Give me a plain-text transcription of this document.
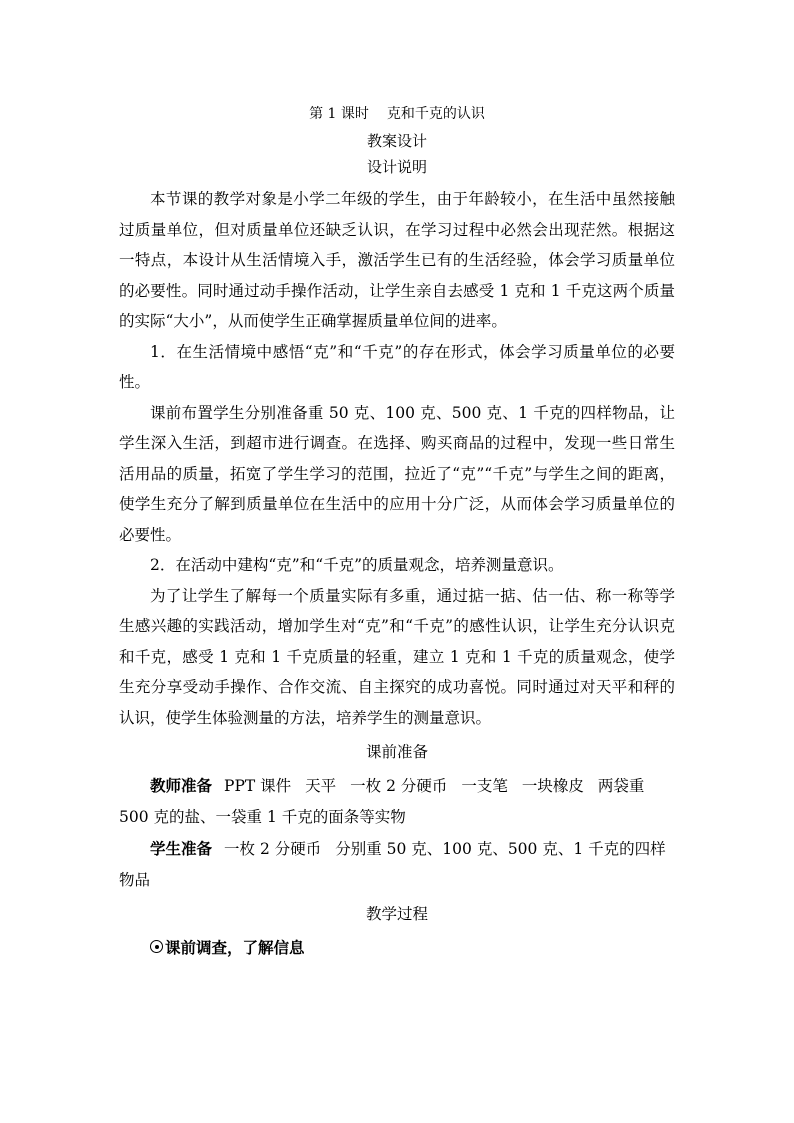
第 1 课时 克和千克的认识
教案设计
设计说明

本节课的教学对象是小学二年级的学生，由于年龄较小，在生活中虽然接触过质量单位，但对质量单位还缺乏认识，在学习过程中必然会出现茫然。根据这一特点，本设计从生活情境入手，激活学生已有的生活经验，体会学习质量单位的必要性。同时通过动手操作活动，让学生亲自去感受 1 克和 1 千克这两个质量的实际“大小”，从而使学生正确掌握质量单位间的进率。

1．在生活情境中感悟“克”和“千克”的存在形式，体会学习质量单位的必要性。

课前布置学生分别准备重 50 克、100 克、500 克、1 千克的四样物品，让学生深入生活，到超市进行调查。在选择、购买商品的过程中，发现一些日常生活用品的质量，拓宽了学生学习的范围，拉近了“克”“千克”与学生之间的距离，使学生充分了解到质量单位在生活中的应用十分广泛，从而体会学习质量单位的必要性。

2．在活动中建构“克”和“千克”的质量观念，培养测量意识。

为了让学生了解每一个质量实际有多重，通过掂一掂、估一估、称一称等学生感兴趣的实践活动，增加学生对“克”和“千克”的感性认识，让学生充分认识克和千克，感受 1 克和 1 千克质量的轻重，建立 1 克和 1 千克的质量观念，使学生充分享受动手操作、合作交流、自主探究的成功喜悦。同时通过对天平和秤的认识，使学生体验测量的方法，培养学生的测量意识。

课前准备

教师准备 PPT 课件 天平 一枚 2 分硬币 一支笔 一块橡皮 两袋重 500 克的盐、一袋重 1 千克的面条等实物

学生准备 一枚 2 分硬币 分别重 50 克、100 克、500 克、1 千克的四样物品

教学过程

课前调查，了解信息
